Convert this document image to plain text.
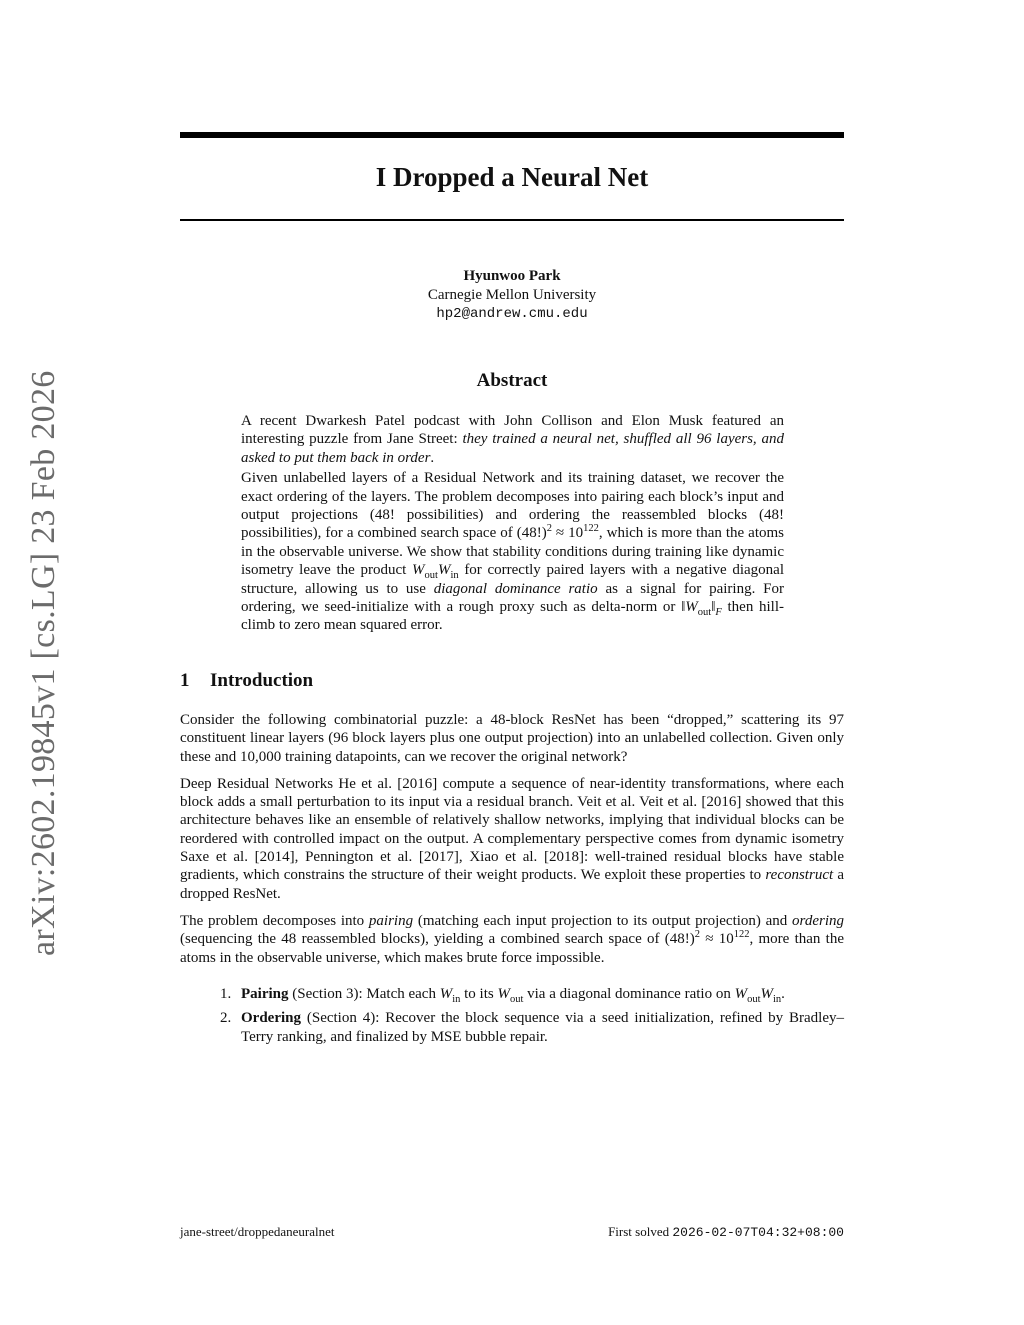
I Dropped a Neural Net
Hyunwoo Park
Carnegie Mellon University
hp2@andrew.cmu.edu
Abstract

A recent Dwarkesh Patel podcast with John Collison and Elon Musk featured an interesting puzzle from Jane Street: they trained a neural net, shuffled all 96 layers, and asked to put them back in order.

Given unlabelled layers of a Residual Network and its training dataset, we recover the exact ordering of the layers. The problem decomposes into pairing each block’s input and output projections (48! possibilities) and ordering the reassembled blocks (48! possibilities), for a combined search space of $(48!)^2 \approx 10^{122}$, which is more than the atoms in the observable universe. We show that stability conditions during training like dynamic isometry leave the product $W_{out}W_{in}$ for correctly paired layers with a negative diagonal structure, allowing us to use diagonal dominance ratio as a signal for pairing. For ordering, we seed-initialize with a rough proxy such as delta-norm or $‖W_{out}‖_F$ then hill-climb to zero mean squared error.

1 Introduction

Consider the following combinatorial puzzle: a 48-block ResNet has been “dropped,” scattering its 97 constituent linear layers (96 block layers plus one output projection) into an unlabelled collection. Given only these and 10,000 training datapoints, can we recover the original network?

Deep Residual Networks He et al. [2016] compute a sequence of near-identity transformations, where each block adds a small perturbation to its input via a residual branch. Veit et al. Veit et al. [2016] showed that this architecture behaves like an ensemble of relatively shallow networks, implying that individual blocks can be reordered with controlled impact on the output. A complementary perspective comes from dynamic isometry Saxe et al. [2014], Pennington et al. [2017], Xiao et al. [2018]: well-trained residual blocks have stable gradients, which constrains the structure of their weight products. We exploit these properties to reconstruct a dropped ResNet.

The problem decomposes into pairing (matching each input projection to its output projection) and ordering (sequencing the 48 reassembled blocks), yielding a combined search space of $(48!)^2 \approx 10^{122}$, more than the atoms in the observable universe, which makes brute force impossible.

1. Pairing (Section 3): Match each $W_{in}$ to its $W_{out}$ via a diagonal dominance ratio on $W_{out}W_{in}$.
2. Ordering (Section 4): Recover the block sequence via a seed initialization, refined by Bradley–Terry ranking, and finalized by MSE bubble repair.
arXiv:2602.19845v1 [cs.LG] 23 Feb 2026
jane-street/droppedaneuralnet	First solved 2026-02-07T04:32+08:00
